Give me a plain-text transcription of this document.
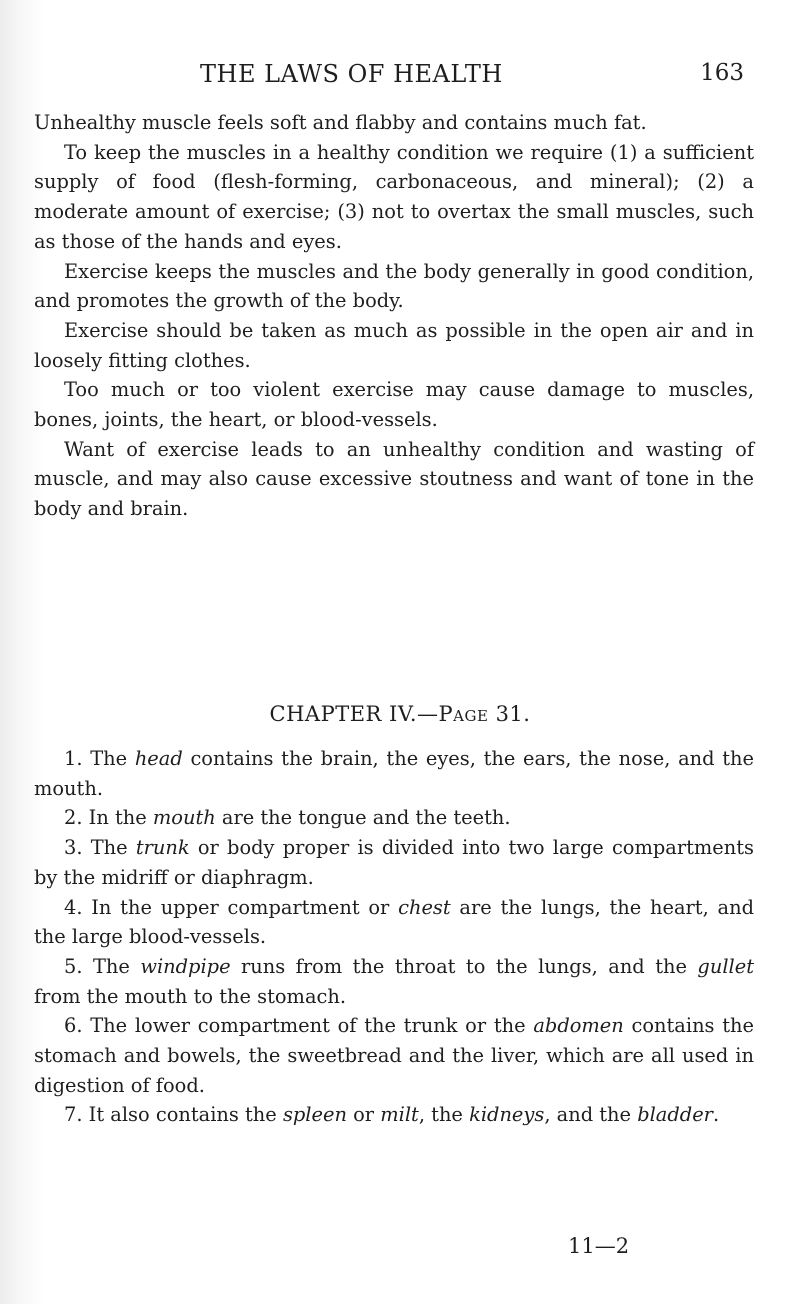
THE LAWS OF HEALTH	163

Unhealthy muscle feels soft and flabby and contains much fat.

To keep the muscles in a healthy condition we require (1) a sufficient supply of food (flesh-forming, carbonaceous, and mineral); (2) a moderate amount of exercise; (3) not to overtax the small muscles, such as those of the hands and eyes.

Exercise keeps the muscles and the body generally in good condition, and promotes the growth of the body.

Exercise should be taken as much as possible in the open air and in loosely fitting clothes.

Too much or too violent exercise may cause damage to muscles, bones, joints, the heart, or blood-vessels.

Want of exercise leads to an unhealthy condition and wasting of muscle, and may also cause excessive stoutness and want of tone in the body and brain.

CHAPTER IV.—Page 31.

1. The head contains the brain, the eyes, the ears, the nose, and the mouth.

2. In the mouth are the tongue and the teeth.

3. The trunk or body proper is divided into two large compartments by the midriff or diaphragm.

4. In the upper compartment or chest are the lungs, the heart, and the large blood-vessels.

5. The windpipe runs from the throat to the lungs, and the gullet from the mouth to the stomach.

6. The lower compartment of the trunk or the abdomen contains the stomach and bowels, the sweetbread and the liver, which are all used in digestion of food.

7. It also contains the spleen or milt, the kidneys, and the bladder.

11—2
